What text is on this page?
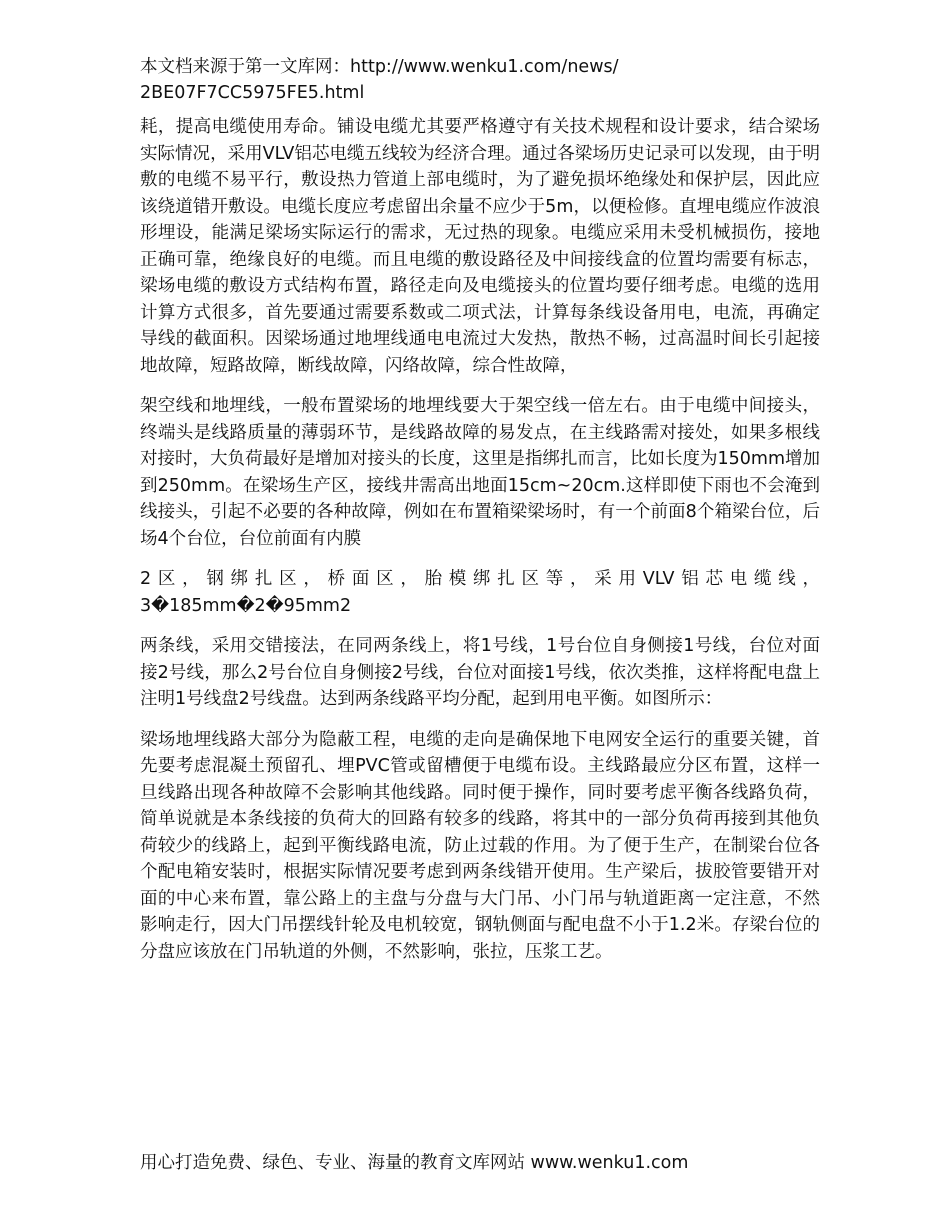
本文档来源于第一文库网：http://www.wenku1.com/news/
2BE07F7CC5975FE5.html

耗，提高电缆使用寿命。铺设电缆尤其要严格遵守有关技术规程和设计要求，结合梁场实际情况，采用VLV铝芯电缆五线较为经济合理。通过各梁场历史记录可以发现，由于明敷的电缆不易平行，敷设热力管道上部电缆时，为了避免损坏绝缘处和保护层，因此应该绕道错开敷设。电缆长度应考虑留出余量不应少于5m，以便检修。直埋电缆应作波浪形埋设，能满足梁场实际运行的需求，无过热的现象。电缆应采用未受机械损伤，接地正确可靠，绝缘良好的电缆。而且电缆的敷设路径及中间接线盒的位置均需要有标志，梁场电缆的敷设方式结构布置，路径走向及电缆接头的位置均要仔细考虑。电缆的选用计算方式很多，首先要通过需要系数或二项式法，计算每条线设备用电，电流，再确定导线的截面积。因梁场通过地埋线通电电流过大发热，散热不畅，过高温时间长引起接地故障，短路故障，断线故障，闪络故障，综合性故障，

架空线和地埋线，一般布置梁场的地埋线要大于架空线一倍左右。由于电缆中间接头，终端头是线路质量的薄弱环节，是线路故障的易发点，在主线路需对接处，如果多根线对接时，大负荷最好是增加对接头的长度，这里是指绑扎而言，比如长度为150mm增加到250mm。在梁场生产区，接线井需高出地面15cm~20cm.这样即使下雨也不会淹到线接头，引起不必要的各种故障，例如在布置箱梁梁场时，有一个前面8个箱梁台位，后场4个台位，台位前面有内膜

2区，钢绑扎区，桥面区，胎模绑扎区等，采用VLV铝芯电缆线，3�185mm�2�95mm2

两条线，采用交错接法，在同两条线上，将1号线，1号台位自身侧接1号线，台位对面接2号线，那么2号台位自身侧接2号线，台位对面接1号线，依次类推，这样将配电盘上注明1号线盘2号线盘。达到两条线路平均分配，起到用电平衡。如图所示：

梁场地埋线路大部分为隐蔽工程，电缆的走向是确保地下电网安全运行的重要关键，首先要考虑混凝土预留孔、埋PVC管或留槽便于电缆布设。主线路最应分区布置，这样一旦线路出现各种故障不会影响其他线路。同时便于操作，同时要考虑平衡各线路负荷，简单说就是本条线接的负荷大的回路有较多的线路，将其中的一部分负荷再接到其他负荷较少的线路上，起到平衡线路电流，防止过载的作用。为了便于生产，在制梁台位各个配电箱安装时，根据实际情况要考虑到两条线错开使用。生产梁后，拔胶管要错开对面的中心来布置，靠公路上的主盘与分盘与大门吊、小门吊与轨道距离一定注意，不然影响走行，因大门吊摆线针轮及电机较宽，钢轨侧面与配电盘不小于1.2米。存梁台位的分盘应该放在门吊轨道的外侧，不然影响，张拉，压浆工艺。

用心打造免费、绿色、专业、海量的教育文库网站 www.wenku1.com
